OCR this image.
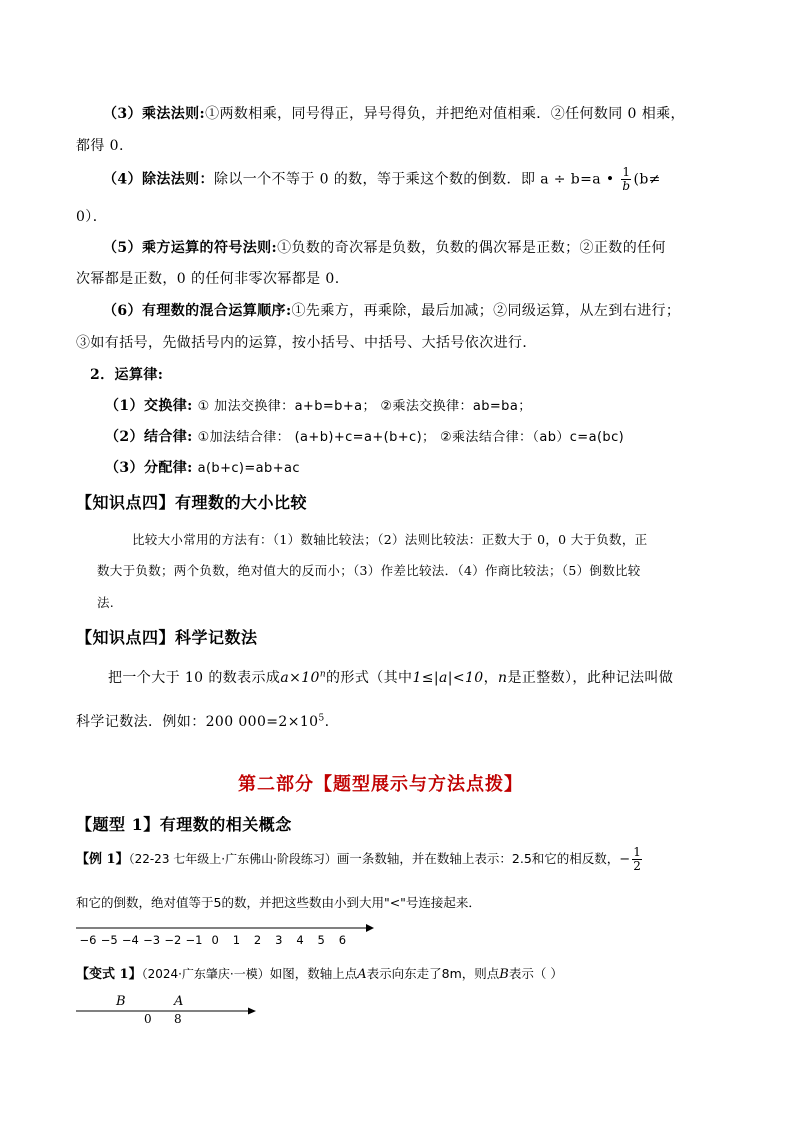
（3）乘法法则:①两数相乘，同号得正，异号得负，并把绝对值相乘．②任何数同 0 相乘，
都得 0.
（4）除法法则：除以一个不等于 0 的数，等于乘这个数的倒数．即 a ÷ b=a • $\frac{1}{b} (b\ne$
0）．
（5）乘方运算的符号法则:①负数的奇次幂是负数，负数的偶次幂是正数；②正数的任何
次幂都是正数，0 的任何非零次幂都是 0.
（6）有理数的混合运算顺序:①先乘方，再乘除，最后加减；②同级运算，从左到右进行；
③如有括号，先做括号内的运算，按小括号、中括号、大括号依次进行．
2．运算律:
（1）交换律: ① 加法交换律：a+b=b+a； ②乘法交换律：ab=ba；
（2）结合律: ①加法结合律： (a+b)+c=a+(b+c)； ②乘法结合律：（ab）c=a(bc)
（3）分配律: a(b+c)=ab+ac
【知识点四】有理数的大小比较
比较大小常用的方法有：（1）数轴比较法；（2）法则比较法：正数大于 0，0 大于负数，正
数大于负数；两个负数，绝对值大的反而小；（3）作差比较法．（4）作商比较法；（5）倒数比较
法.
【知识点四】科学记数法
把一个大于 10 的数表示成$a\times 10^n$的形式（其中1≤|a|<10，n是正整数），此种记法叫做
科学记数法．例如：200 $000=2\times 10^5$.
第二部分【题型展示与方法点拨】
【题型 1】有理数的相关概念
【例 1】（22-23 七年级上·广东佛山·阶段练习）画一条数轴，并在数轴上表示：2.5和它的相反数，− $\frac{1}{2}$
和它的倒数，绝对值等于5的数，并把这些数由小到大用"<"号连接起来．
−6 −5 −4 −3 −2 −1 0 1 2 3 4 5 6
【变式 1】（2024·广东肇庆·一模）如图，数轴上点A表示向东走了8m，则点B表示（ ）
B	A
0 8
